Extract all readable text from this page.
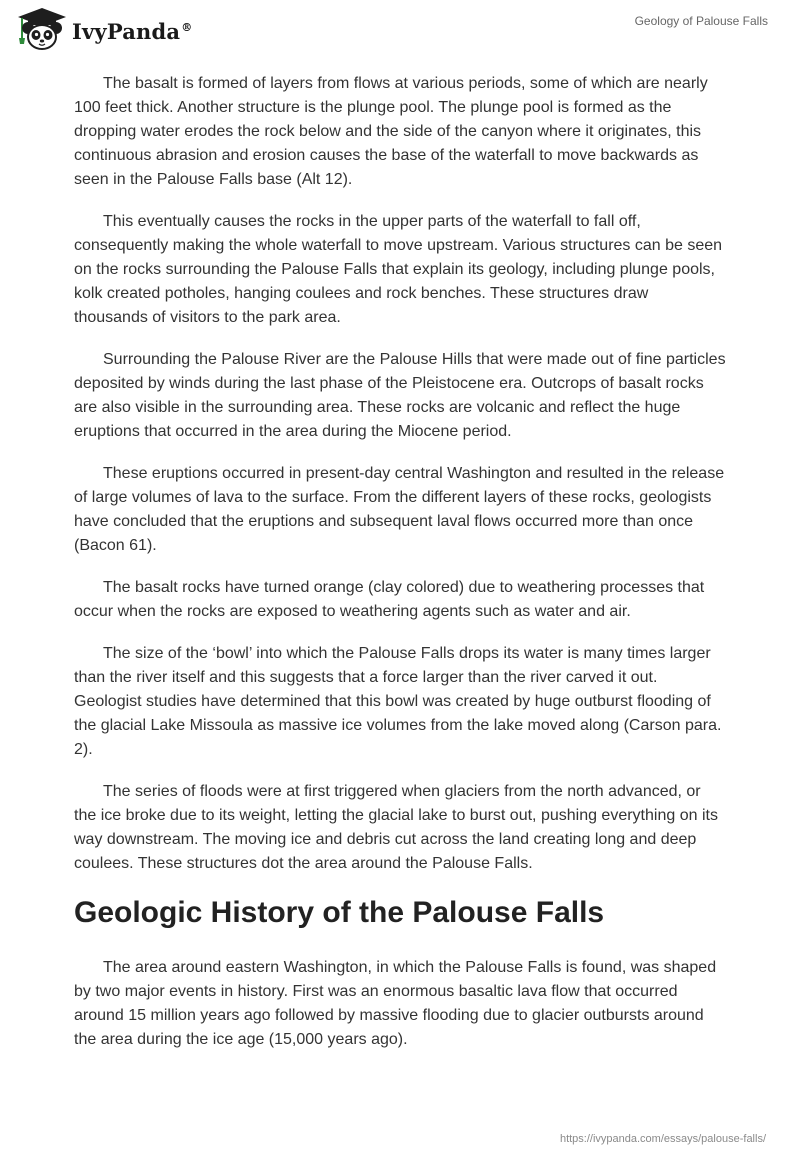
IvyPanda®	Geology of Palouse Falls

The basalt is formed of layers from flows at various periods, some of which are nearly 100 feet thick. Another structure is the plunge pool. The plunge pool is formed as the dropping water erodes the rock below and the side of the canyon where it originates, this continuous abrasion and erosion causes the base of the waterfall to move backwards as seen in the Palouse Falls base (Alt 12).

This eventually causes the rocks in the upper parts of the waterfall to fall off, consequently making the whole waterfall to move upstream. Various structures can be seen on the rocks surrounding the Palouse Falls that explain its geology, including plunge pools, kolk created potholes, hanging coulees and rock benches. These structures draw thousands of visitors to the park area.

Surrounding the Palouse River are the Palouse Hills that were made out of fine particles deposited by winds during the last phase of the Pleistocene era. Outcrops of basalt rocks are also visible in the surrounding area. These rocks are volcanic and reflect the huge eruptions that occurred in the area during the Miocene period.

These eruptions occurred in present-day central Washington and resulted in the release of large volumes of lava to the surface. From the different layers of these rocks, geologists have concluded that the eruptions and subsequent laval flows occurred more than once (Bacon 61).

The basalt rocks have turned orange (clay colored) due to weathering processes that occur when the rocks are exposed to weathering agents such as water and air.

The size of the ‘bowl’ into which the Palouse Falls drops its water is many times larger than the river itself and this suggests that a force larger than the river carved it out. Geologist studies have determined that this bowl was created by huge outburst flooding of the glacial Lake Missoula as massive ice volumes from the lake moved along (Carson para. 2).

The series of floods were at first triggered when glaciers from the north advanced, or the ice broke due to its weight, letting the glacial lake to burst out, pushing everything on its way downstream. The moving ice and debris cut across the land creating long and deep coulees. These structures dot the area around the Palouse Falls.

Geologic History of the Palouse Falls

The area around eastern Washington, in which the Palouse Falls is found, was shaped by two major events in history. First was an enormous basaltic lava flow that occurred around 15 million years ago followed by massive flooding due to glacier outbursts around the area during the ice age (15,000 years ago).

https://ivypanda.com/essays/palouse-falls/
